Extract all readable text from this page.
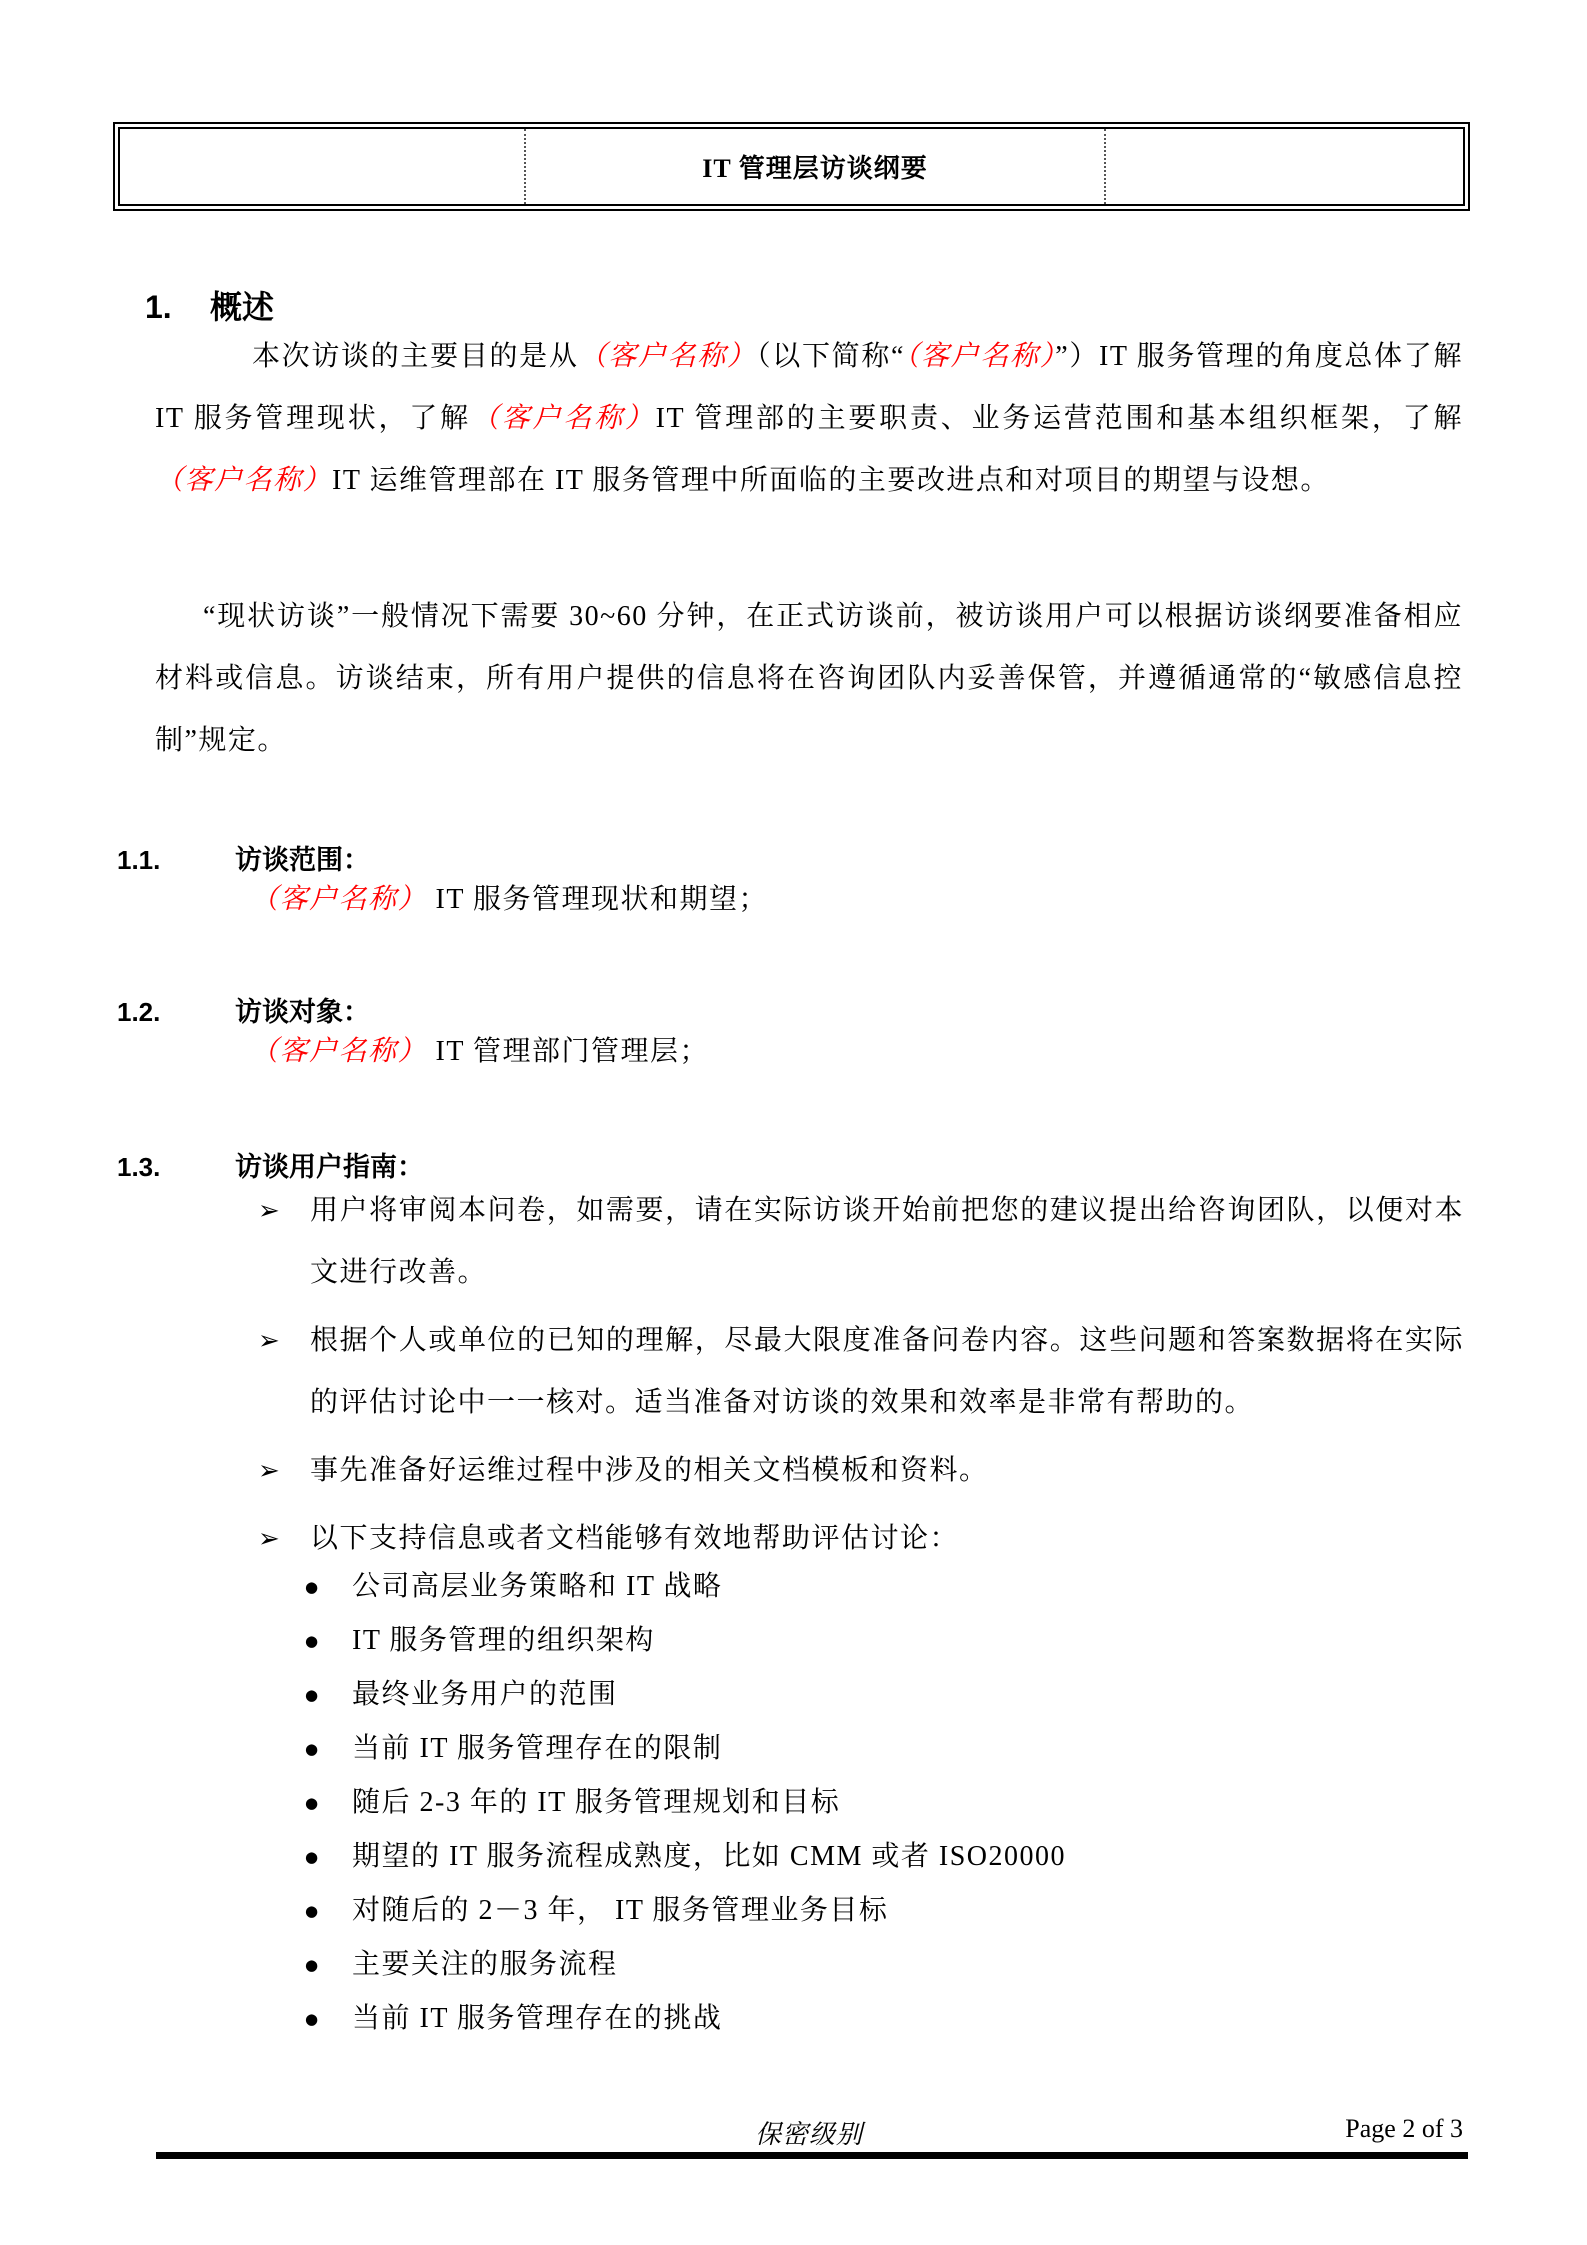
IT 管理层访谈纲要
1. 概述

本次访谈的主要目的是从（客户名称）（以下简称“（客户名称）”）IT 服务管理的角度总体了解 IT 服务管理现状，了解（客户名称）IT 管理部的主要职责、业务运营范围和基本组织框架，了解（客户名称）IT 运维管理部在 IT 服务管理中所面临的主要改进点和对项目的期望与设想。

“现状访谈”一般情况下需要 30~60 分钟，在正式访谈前，被访谈用户可以根据访谈纲要准备相应材料或信息。访谈结束，所有用户提供的信息将在咨询团队内妥善保管，并遵循通常的“敏感信息控制”规定。

1.1.	访谈范围：

（客户名称） IT 服务管理现状和期望；

1.2.	访谈对象：

（客户名称） IT 管理部门管理层；

1.3.	访谈用户指南：
➢	用户将审阅本问卷，如需要，请在实际访谈开始前把您的建议提出给咨询团队，以便对本文进行改善。
➢	根据个人或单位的已知的理解，尽最大限度准备问卷内容。这些问题和答案数据将在实际的评估讨论中一一核对。适当准备对访谈的效果和效率是非常有帮助的。
➢	事先准备好运维过程中涉及的相关文档模板和资料。
➢	以下支持信息或者文档能够有效地帮助评估讨论：
●	公司高层业务策略和 IT 战略
●	IT 服务管理的组织架构
●	最终业务用户的范围
●	当前 IT 服务管理存在的限制
●	随后 2-3 年的 IT 服务管理规划和目标
●	期望的 IT 服务流程成熟度，比如 CMM 或者 ISO20000
●	对随后的 2－3 年， IT 服务管理业务目标
●	主要关注的服务流程
●	当前 IT 服务管理存在的挑战
保密级别	Page 2 of 3
